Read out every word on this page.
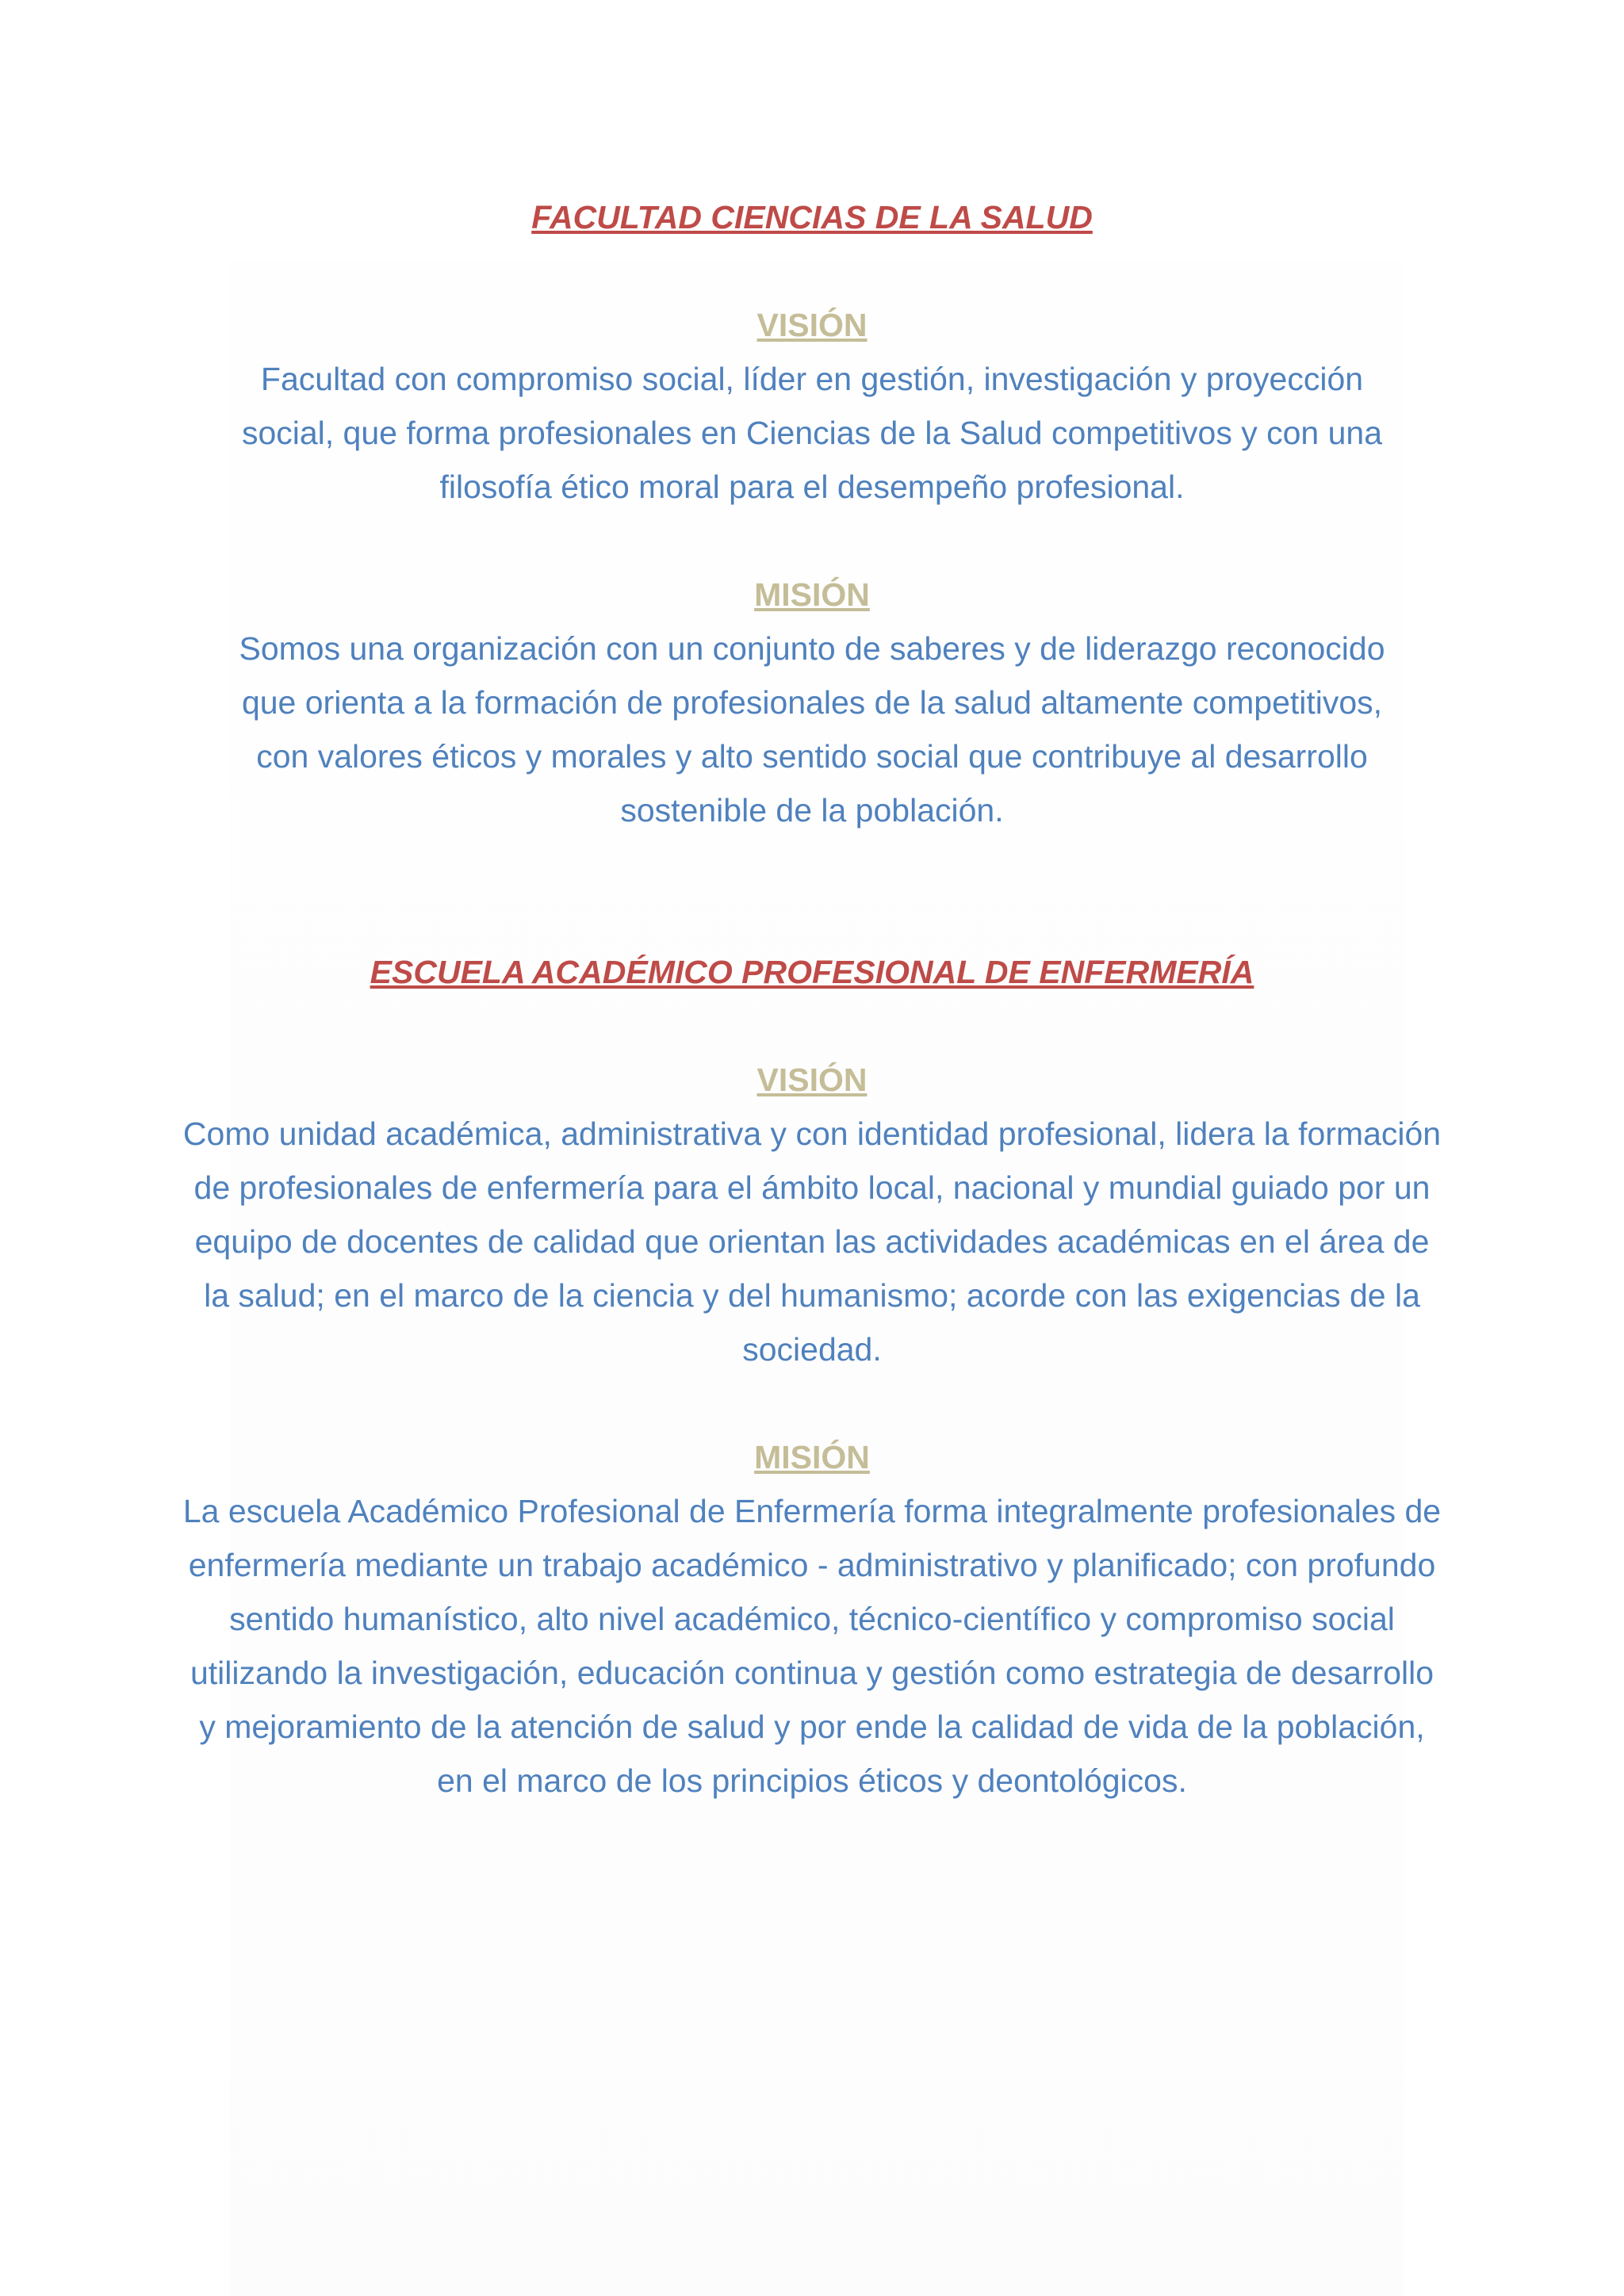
FACULTAD CIENCIAS DE LA SALUD

VISIÓN

Facultad con compromiso social, líder en gestión, investigación y proyección social, que forma profesionales en Ciencias de la Salud competitivos y con una filosofía ético moral para el desempeño profesional.

MISIÓN

Somos una organización con un conjunto de saberes y de liderazgo reconocido que orienta a la formación de profesionales de la salud altamente competitivos, con valores éticos y morales y alto sentido social que contribuye al desarrollo sostenible de la población.

ESCUELA ACADÉMICO PROFESIONAL DE ENFERMERÍA

VISIÓN

Como unidad académica, administrativa y con identidad profesional, lidera la formación de profesionales de enfermería para el ámbito local, nacional y mundial guiado por un equipo de docentes de calidad que orientan las actividades académicas en el área de la salud; en el marco de la ciencia y del humanismo; acorde con las exigencias de la sociedad.

MISIÓN

La escuela Académico Profesional de Enfermería forma integralmente profesionales de enfermería mediante un trabajo académico - administrativo y planificado; con profundo sentido humanístico, alto nivel académico, técnico-científico y compromiso social utilizando la investigación, educación continua y gestión como estrategia de desarrollo y mejoramiento de la atención de salud y por ende la calidad de vida de la población, en el marco de los principios éticos y deontológicos.
